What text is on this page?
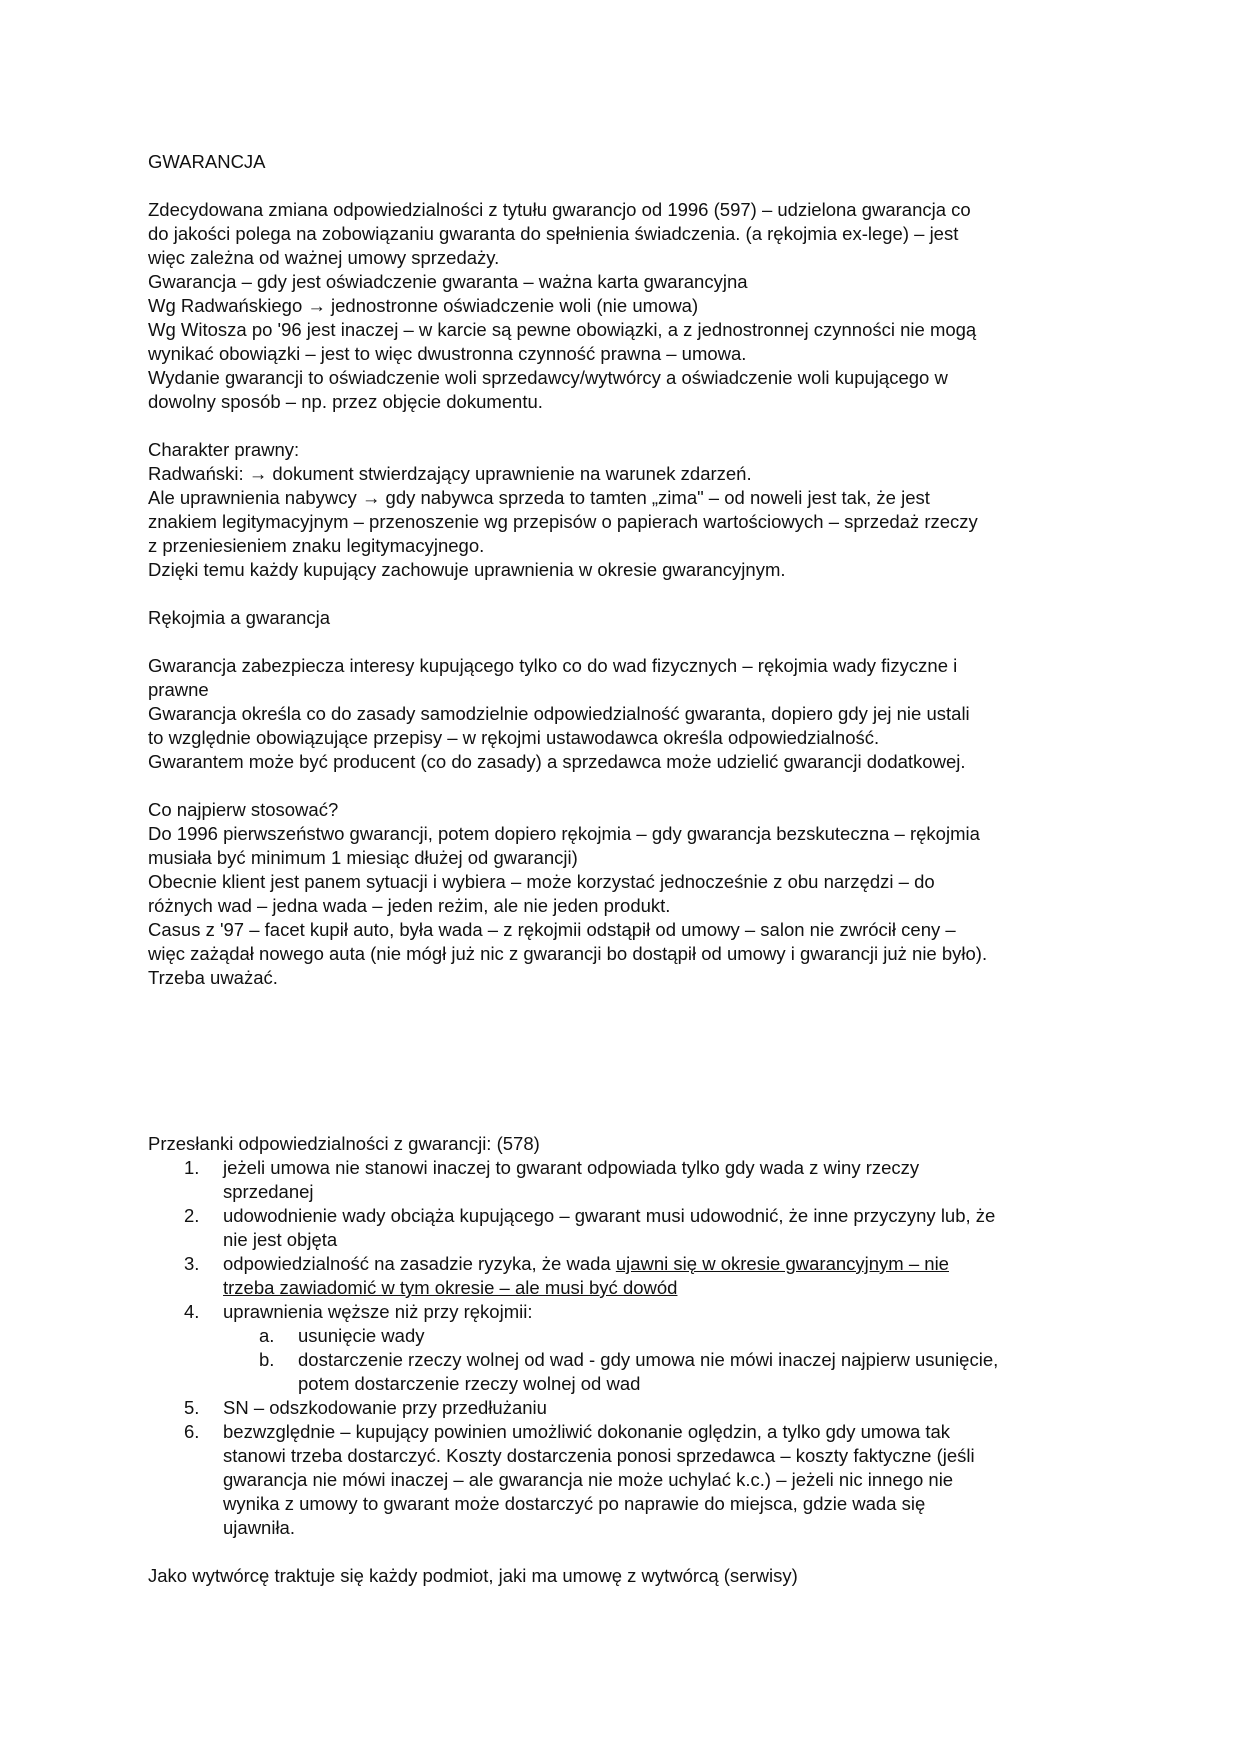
GWARANCJA

Zdecydowana zmiana odpowiedzialności z tytułu gwarancjo od 1996 (597) – udzielona gwarancja co

do jakości polega na zobowiązaniu gwaranta do spełnienia świadczenia. (a rękojmia ex-lege) – jest

więc zależna od ważnej umowy sprzedaży.

Gwarancja – gdy jest oświadczenie gwaranta – ważna karta gwarancyjna

Wg Radwańskiego → jednostronne oświadczenie woli (nie umowa)

Wg Witosza po '96 jest inaczej – w karcie są pewne obowiązki, a z jednostronnej czynności nie mogą

wynikać obowiązki – jest to więc dwustronna czynność prawna – umowa.

Wydanie gwarancji to oświadczenie woli sprzedawcy/wytwórcy a oświadczenie woli kupującego w

dowolny sposób – np. przez objęcie dokumentu.

Charakter prawny:

Radwański: → dokument stwierdzający uprawnienie na warunek zdarzeń.

Ale uprawnienia nabywcy → gdy nabywca sprzeda to tamten „zima" – od noweli jest tak, że jest

znakiem legitymacyjnym – przenoszenie wg przepisów o papierach wartościowych – sprzedaż rzeczy

z przeniesieniem znaku legitymacyjnego.

Dzięki temu każdy kupujący zachowuje uprawnienia w okresie gwarancyjnym.

Rękojmia a gwarancja

Gwarancja zabezpiecza interesy kupującego tylko co do wad fizycznych – rękojmia wady fizyczne i

prawne

Gwarancja określa co do zasady samodzielnie odpowiedzialność gwaranta, dopiero gdy jej nie ustali

to względnie obowiązujące przepisy – w rękojmi ustawodawca określa odpowiedzialność.

Gwarantem może być producent (co do zasady) a sprzedawca może udzielić gwarancji dodatkowej.

Co najpierw stosować?

Do 1996 pierwszeństwo gwarancji, potem dopiero rękojmia – gdy gwarancja bezskuteczna – rękojmia

musiała być minimum 1 miesiąc dłużej od gwarancji)

Obecnie klient jest panem sytuacji i wybiera – może korzystać jednocześnie z obu narzędzi – do

różnych wad – jedna wada – jeden reżim, ale nie jeden produkt.

Casus z '97 – facet kupił auto, była wada – z rękojmii odstąpił od umowy – salon nie zwrócił ceny –

więc zażądał nowego auta (nie mógł już nic z gwarancji bo dostąpił od umowy i gwarancji już nie było).

Trzeba uważać.

Przesłanki odpowiedzialności z gwarancji: (578)

1. jeżeli umowa nie stanowi inaczej to gwarant odpowiada tylko gdy wada z winy rzeczy

sprzedanej

2. udowodnienie wady obciąża kupującego – gwarant musi udowodnić, że inne przyczyny lub, że

nie jest objęta

3. odpowiedzialność na zasadzie ryzyka, że wada ujawni się w okresie gwarancyjnym – nie

trzeba zawiadomić w tym okresie – ale musi być dowód

4. uprawnienia węższe niż przy rękojmii:

a. usunięcie wady

b. dostarczenie rzeczy wolnej od wad - gdy umowa nie mówi inaczej najpierw usunięcie,

potem dostarczenie rzeczy wolnej od wad

5. SN – odszkodowanie przy przedłużaniu

6. bezwzględnie – kupujący powinien umożliwić dokonanie oględzin, a tylko gdy umowa tak

stanowi trzeba dostarczyć. Koszty dostarczenia ponosi sprzedawca – koszty faktyczne (jeśli

gwarancja nie mówi inaczej – ale gwarancja nie może uchylać k.c.) – jeżeli nic innego nie

wynika z umowy to gwarant może dostarczyć po naprawie do miejsca, gdzie wada się

ujawniła.

Jako wytwórcę traktuje się każdy podmiot, jaki ma umowę z wytwórcą (serwisy)
